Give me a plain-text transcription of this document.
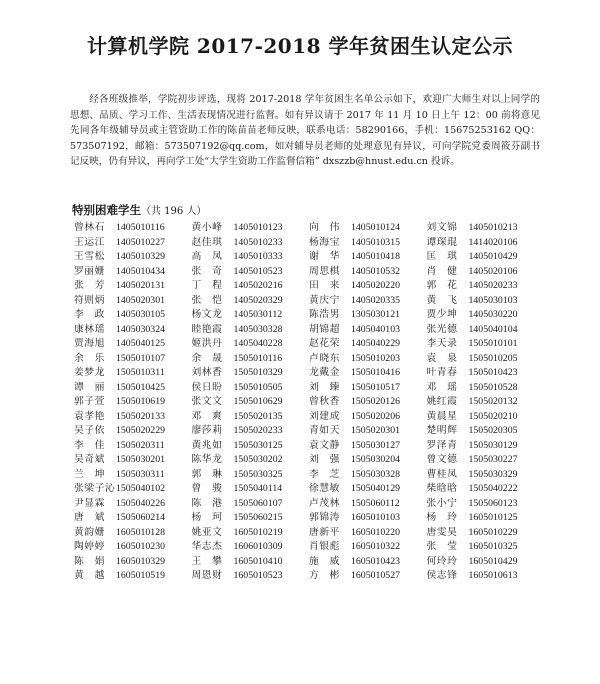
计算机学院 2017-2018 学年贫困生认定公示
经各班级推举，学院初步评选，现将 2017-2018 学年贫困生名单公示如下，欢迎广大师生对以上同学的思想、品质、学习工作、生活表现情况进行监督。如有异议请于 2017 年 11 月 10 日上午 12：00 前将意见先同各年级辅导员或主管资助工作的陈苗苗老师反映，联系电话：58290166，手机：15675253162 QQ：573507192，邮箱：573507192@qq.com，如对辅导员老师的处理意见有异议，可向学院党委周筱芬副书记反映，仍有异议，再向学工处“大学生资助工作监督信箱” dxszzb@hnust.edu.cn 投诉。
特别困难学生（共 196 人）
曾林石 1405010116	黄小峰 1405010123	向　伟 1405010124	刘文锦 1405010213
王运江 1405010227	赵佳琪 1405010233	杨海宝 1405010315	谭琛琨 1414020106
王雪松 1405010329	高　凤 1405010333	谢　华 1405010418	匡　琪 1405010429
罗丽姗 1405010434	张　奇 1405010523	周思棋 1405010532	肖　健 1405020106
张　芳 1405020131	丁　程 1405020216	田　来 1405020220	郭　花 1405020233
符则炳 1405020301	张　恺 1405020329	黄庆宁 1405020335	黄　飞 1405030103
李　政 1405030105	杨文龙 1405030112	陈浩男 1305030121	贾少坤 1405030220
康林瑶 1405030324	睦艳霞 1405030328	胡锦超 1405040103	张光德 1405040104
贾海旭 1405040125	姬洪丹 1405040228	赵花荣 1405040229	李天录 1505010101
余　乐 1505010107	余　晟 1505010116	卢晓东 1505010203	袁　泉 1505010205
姜梦龙 1505010311	刘林香 1505010329	龙戴金 1505010416	叶青春 1505010423
谭　丽 1505010425	侯日盼 1505010505	刘　臻 1505010517	邓　瑶 1505010528
郭子萱 1505010619	张文文 1505010629	曾秋香 1505020126	姚红霞 1505020132
袁孝艳 1505020133	邓　爽 1505020135	刘建成 1505020206	黄晨星 1505020210
吴子依 1505020229	廖莎莉 1505020233	青如天 1505020301	楚明辉 1505020305
李　佳 1505020311	黄兆如 1505030125	袁文静 1505030127	罗泽青 1505030129
吴奇斌 1505030201	陈华龙 1505030202	刘　强 1505030204	曾文德 1505030227
兰　坤 1505030311	郭　琳 1505030325	李　芝 1505030328	曹桂凤 1505030329
张梁子沁1505040102	曾　骏 1505040114	徐慧敏 1505040129	柴晗晗 1505040222
尹显霖 1505040226	陈　港 1505060107	卢茂林 1505060112	张小宁 1505060123
唐　斌 1505060214	杨　珂 1505060215	郭锦涛 1605010103	杨　玲 1605010125
黄韵姗 1605010128	姚亚文 1605010219	唐新平 1605010220	唐雯昊 1605010229
陶婷婷 1605010230	华志杰 1606010309	肖银彪 1605010322	张　莹 1605010325
陈　娟 1605010329	王　攀 1605010410	施　威 1605010423	何玲玲 1605010429
黄　越 1605010519	周恩财 1605010523	方　彬 1605010527	侯志锋 1605010613
